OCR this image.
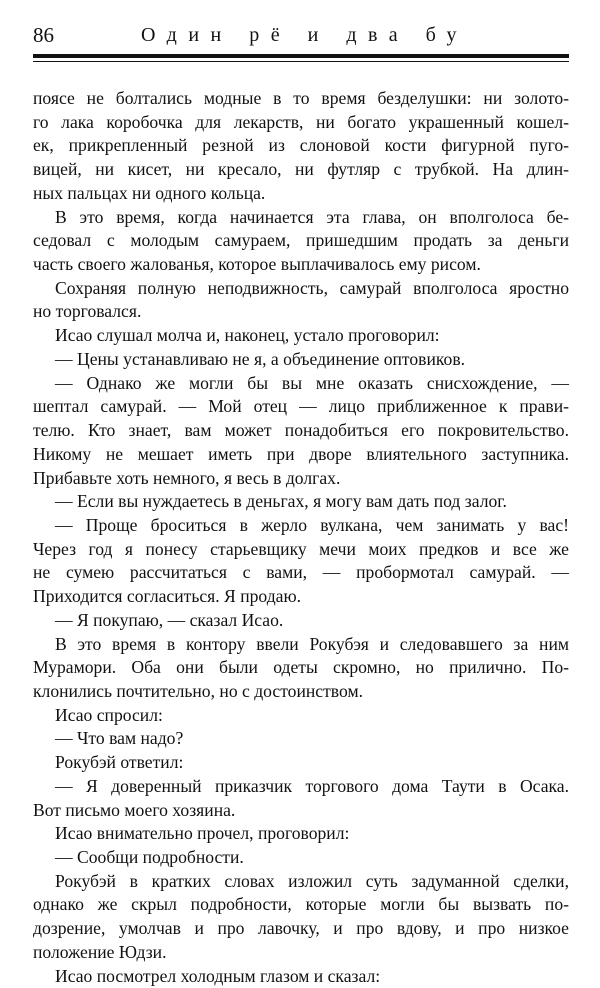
86	Один рё и два бу
поясе не болтались модные в то время безделушки: ни золото-
го лака коробочка для лекарств, ни богато украшенный кошел-
ек, прикрепленный резной из слоновой кости фигурной пуго-
вицей, ни кисет, ни кресало, ни футляр с трубкой. На длин-
ных пальцах ни одного кольца.
В это время, когда начинается эта глава, он вполголоса бе-
седовал с молодым самураем, пришедшим продать за деньги
часть своего жалованья, которое выплачивалось ему рисом.
Сохраняя полную неподвижность, самурай вполголоса яростно
но торговался.
Исао слушал молча и, наконец, устало проговорил:
— Цены устанавливаю не я, а объединение оптовиков.
— Однако же могли бы вы мне оказать снисхождение, —
шептал самурай. — Мой отец — лицо приближенное к прави-
телю. Кто знает, вам может понадобиться его покровительство.
Никому не мешает иметь при дворе влиятельного заступника.
Прибавьте хоть немного, я весь в долгах.
— Если вы нуждаетесь в деньгах, я могу вам дать под залог.
— Проще броситься в жерло вулкана, чем занимать у вас!
Через год я понесу старьевщику мечи моих предков и все же
не сумею рассчитаться с вами, — пробормотал самурай. —
Приходится согласиться. Я продаю.
— Я покупаю, — сказал Исао.
В это время в контору ввели Рокубэя и следовавшего за ним
Мурамори. Оба они были одеты скромно, но прилично. По-
клонились почтительно, но с достоинством.
Исао спросил:
— Что вам надо?
Рокубэй ответил:
— Я доверенный приказчик торгового дома Таути в Осака.
Вот письмо моего хозяина.
Исао внимательно прочел, проговорил:
— Сообщи подробности.
Рокубэй в кратких словах изложил суть задуманной сделки,
однако же скрыл подробности, которые могли бы вызвать по-
дозрение, умолчав и про лавочку, и про вдову, и про низкое
положение Юдзи.
Исао посмотрел холодным глазом и сказал:
